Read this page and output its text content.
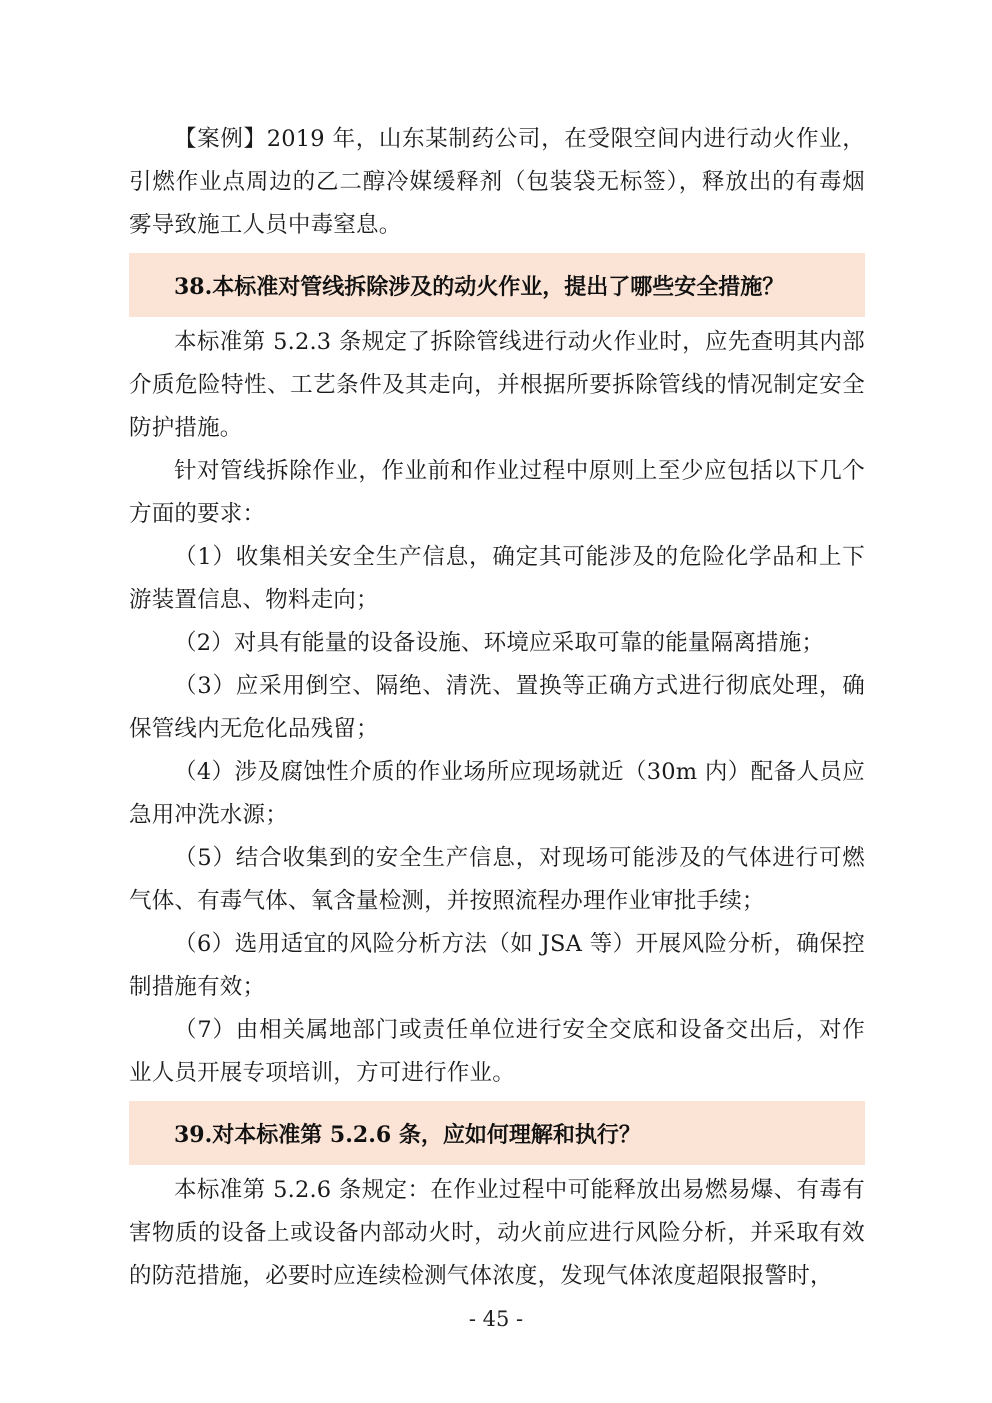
【案例】2019 年，山东某制药公司，在受限空间内进行动火作业，引燃作业点周边的乙二醇冷媒缓释剂（包装袋无标签），释放出的有毒烟雾导致施工人员中毒窒息。

38.本标准对管线拆除涉及的动火作业，提出了哪些安全措施？

本标准第 5.2.3 条规定了拆除管线进行动火作业时，应先查明其内部介质危险特性、工艺条件及其走向，并根据所要拆除管线的情况制定安全防护措施。

针对管线拆除作业，作业前和作业过程中原则上至少应包括以下几个方面的要求：

（1）收集相关安全生产信息，确定其可能涉及的危险化学品和上下游装置信息、物料走向；

（2）对具有能量的设备设施、环境应采取可靠的能量隔离措施；

（3）应采用倒空、隔绝、清洗、置换等正确方式进行彻底处理，确保管线内无危化品残留；

（4）涉及腐蚀性介质的作业场所应现场就近（30m 内）配备人员应急用冲洗水源；

（5）结合收集到的安全生产信息，对现场可能涉及的气体进行可燃气体、有毒气体、氧含量检测，并按照流程办理作业审批手续；

（6）选用适宜的风险分析方法（如 JSA 等）开展风险分析，确保控制措施有效；

（7）由相关属地部门或责任单位进行安全交底和设备交出后，对作业人员开展专项培训，方可进行作业。

39.对本标准第 5.2.6 条，应如何理解和执行？

本标准第 5.2.6 条规定：在作业过程中可能释放出易燃易爆、有毒有害物质的设备上或设备内部动火时，动火前应进行风险分析，并采取有效的防范措施，必要时应连续检测气体浓度，发现气体浓度超限报警时，

- 45 -
